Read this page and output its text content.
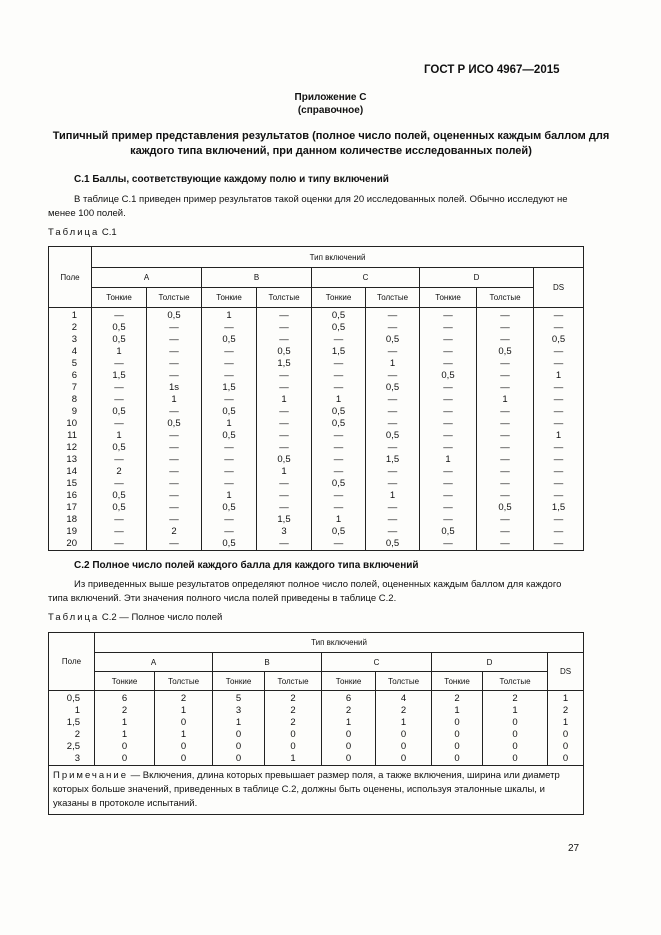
ГОСТ Р ИСО 4967—2015
Приложение С
(справочное)
Типичный пример представления результатов (полное число полей, оцененных каждым баллом для каждого типа включений, при данном количестве исследованных полей)
С.1 Баллы, соответствующие каждому полю и типу включений
В таблице С.1 приведен пример результатов такой оценки для 20 исследованных полей. Обычно исследуют не менее 100 полей.
Таблица С.1
Поле	Тип включений								
	A		B		C		D		DS
	Тонкие	Толстые	Тонкие	Толстые	Тонкие	Толстые	Тонкие	Толстые	
1	—	0,5	1	—	0,5	—	—	—	—
2	0,5	—	—	—	0,5	—	—	—	—
3	0,5	—	0,5	—	—	0,5	—	—	0,5
4	1	—	—	0,5	1,5	—	—	0,5	—
5	—	—	—	1,5	—	1	—	—	—
6	1,5	—	—	—	—	—	0,5	—	1
7	—	1s	1,5	—	—	0,5	—	—	—
8	—	1	—	1	1	—	—	1	—
9	0,5	—	0,5	—	0,5	—	—	—	—
10	—	0,5	1	—	0,5	—	—	—	—
11	1	—	0,5	—	—	0,5	—	—	1
12	0,5	—	—	—	—	—	—	—	—
13	—	—	—	0,5	—	1,5	1	—	—
14	2	—	—	1	—	—	—	—	—
15	—	—	—	—	0,5	—	—	—	—
16	0,5	—	1	—	—	1	—	—	—
17	0,5	—	0,5	—	—	—	—	0,5	1,5
18	—	—	—	1,5	1	—	—	—	—
19	—	2	—	3	0,5	—	0,5	—	—
20	—	—	0,5	—	—	0,5	—	—	—
С.2 Полное число полей каждого балла для каждого типа включений
Из приведенных выше результатов определяют полное число полей, оцененных каждым баллом для каждого типа включений. Эти значения полного числа полей приведены в таблице С.2.
Таблица С.2 — Полное число полей
Поле	Тип включений								
	A		B		C		D		DS
	Тонкие	Толстые	Тонкие	Толстые	Тонкие	Толстые	Тонкие	Толстые	
0,5	6	2	5	2	6	4	2	2	1
1	2	1	3	2	2	2	1	1	2
1,5	1	0	1	2	1	1	0	0	1
2	1	1	0	0	0	0	0	0	0
2,5	0	0	0	0	0	0	0	0	0
3	0	0	0	1	0	0	0	0	0
Примечание — Включения, длина которых превышает размер поля, а также включения, ширина или диаметр которых больше значений, приведенных в таблице С.2, должны быть оценены, используя эталонные шкалы, и указаны в протоколе испытаний.									
27
